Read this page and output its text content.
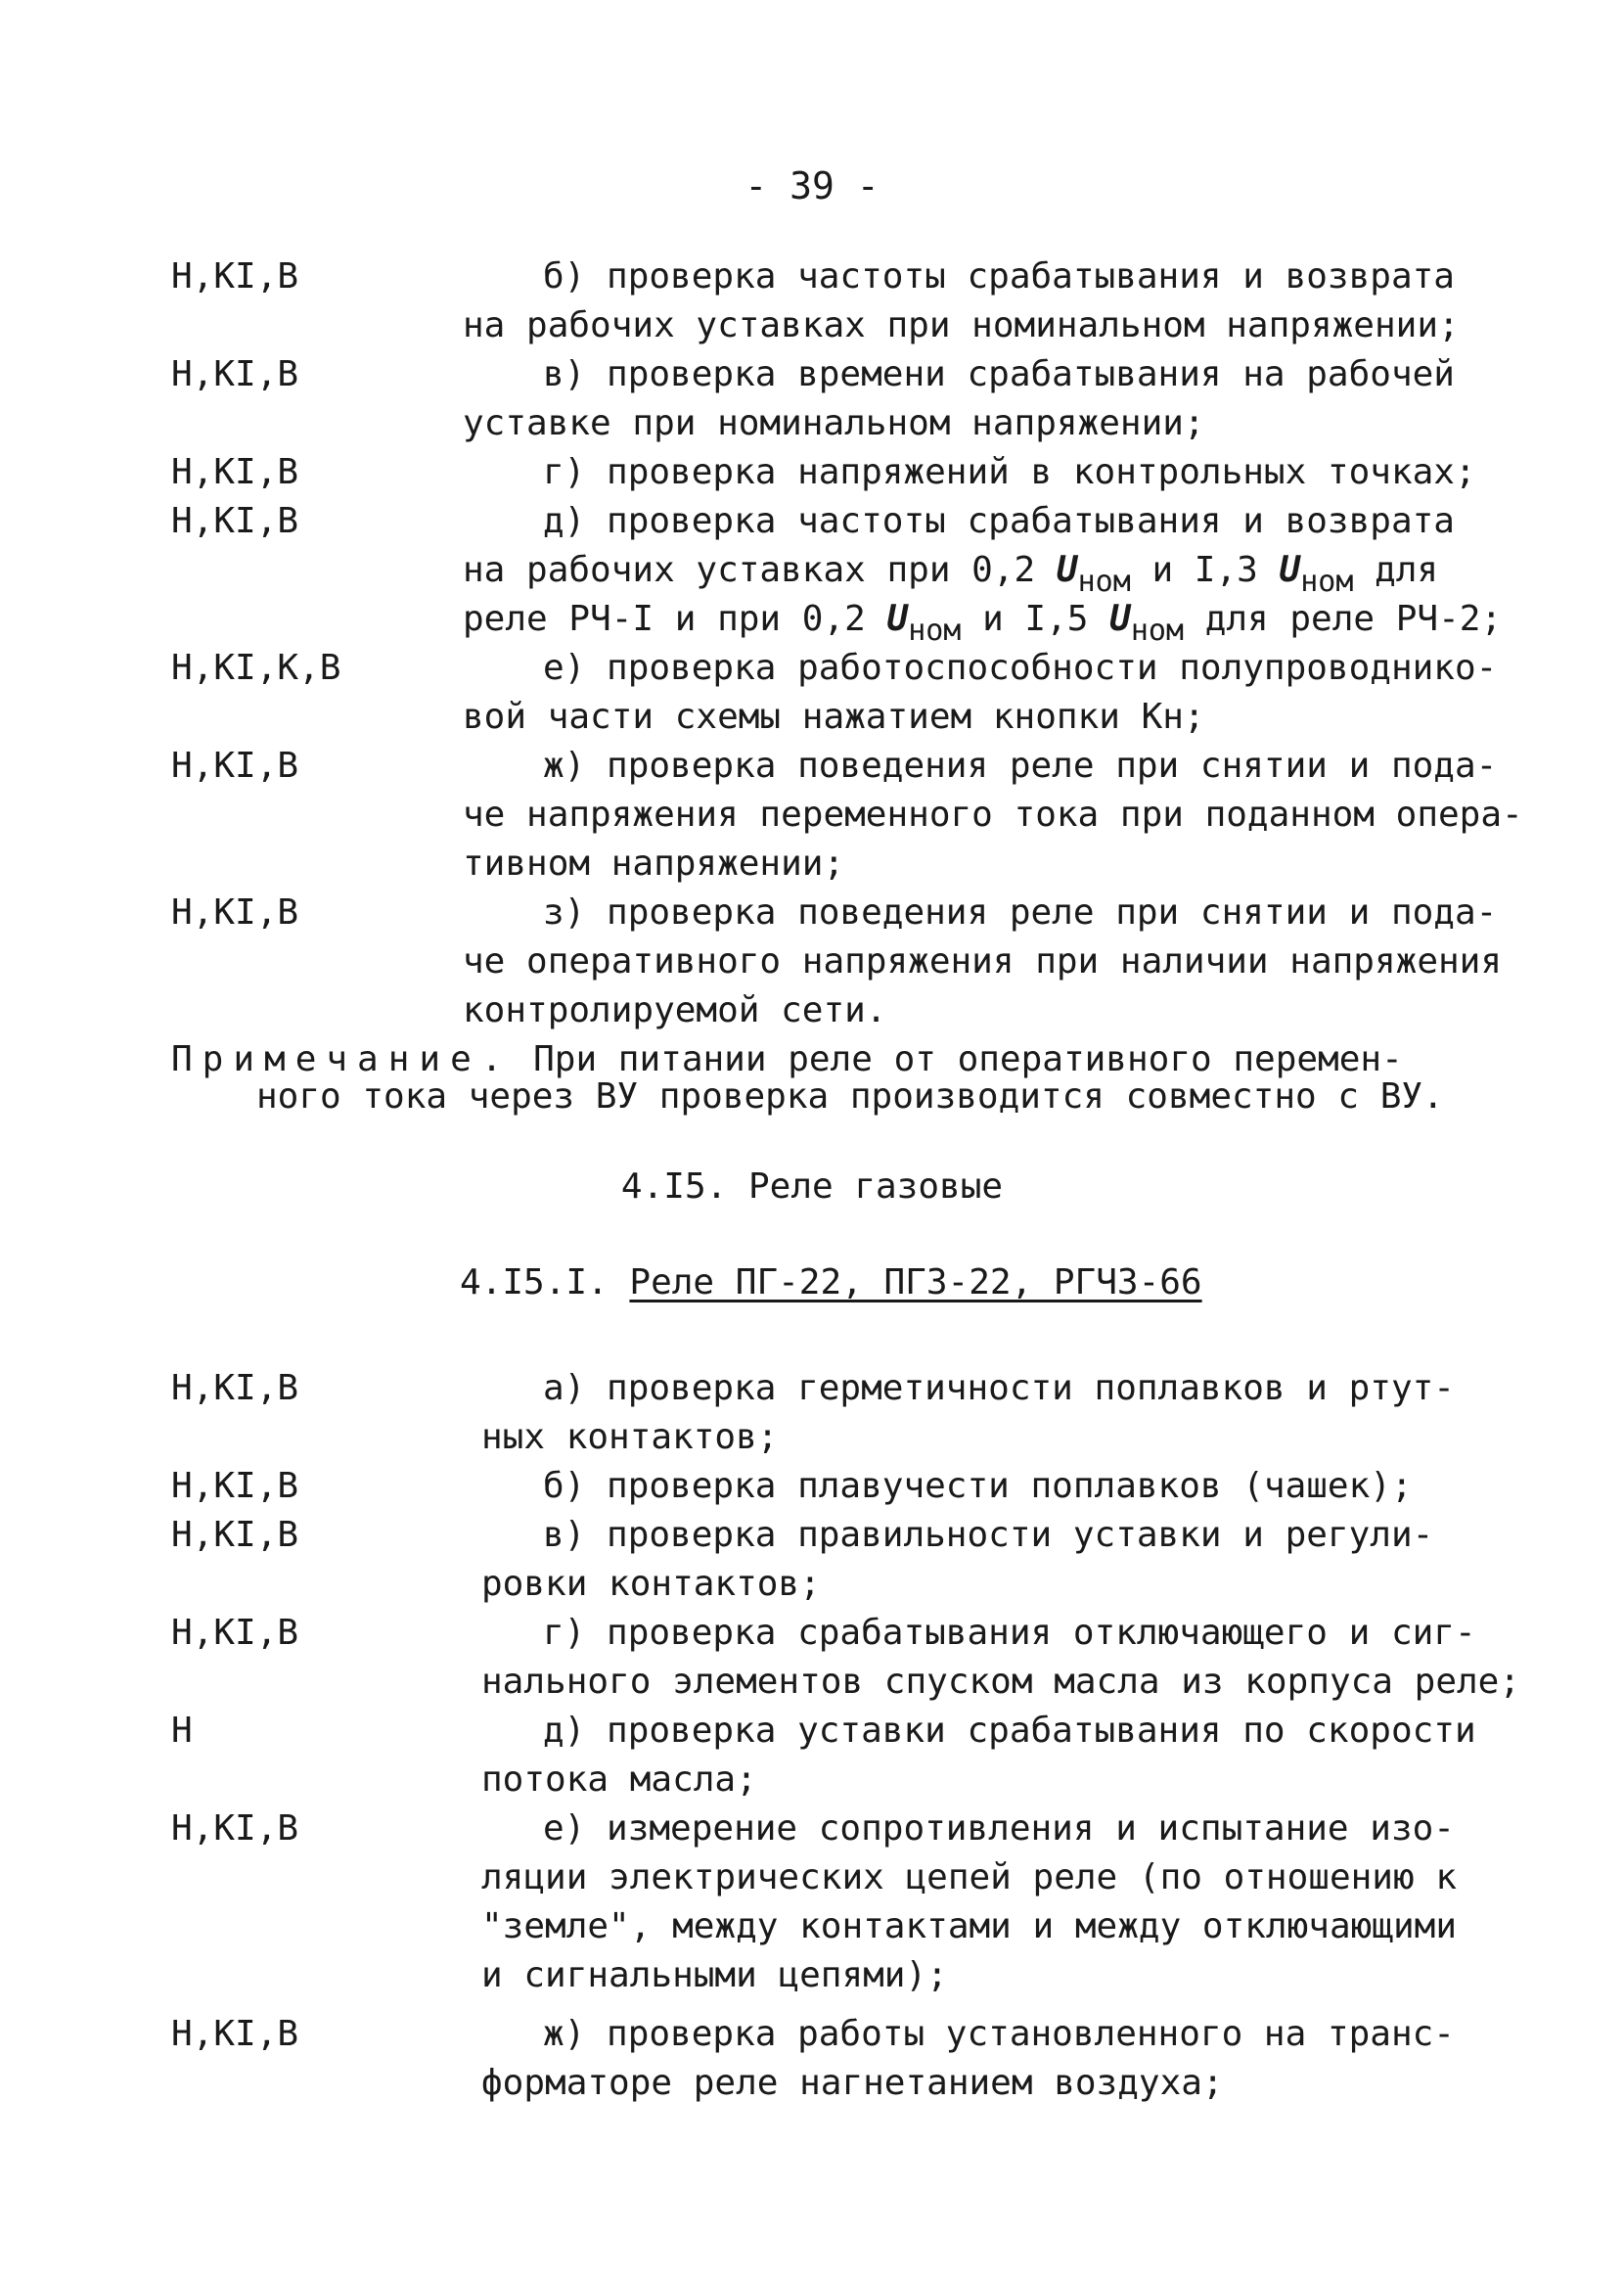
- 39 -
Н,КI,В	б) проверка частоты срабатывания и возврата
на рабочих уставках при номинальном напряжении;
Н,КI,В	в) проверка времени срабатывания на рабочей
уставке при номинальном напряжении;
Н,КI,В	г) проверка напряжений в контрольных точках;
Н,КI,В	д) проверка частоты срабатывания и возврата
на рабочих уставках при 0,2 $U_{ном}$ и I,3 $U_{ном}$ для
реле РЧ-I и при 0,2 $U_{ном}$ и I,5 $U_{ном}$ для реле РЧ-2;
Н,КI,К,В	е) проверка работоспособности полупроводнико-
вой части схемы нажатием кнопки Кн;
Н,КI,В	ж) проверка поведения реле при снятии и пода-
че напряжения переменного тока при поданном опера-
тивном напряжении;
Н,КI,В	з) проверка поведения реле при снятии и пода-
че оперативного напряжения при наличии напряжения
контролируемой сети.
Примечание. При питании реле от оперативного перемен-
ного тока через ВУ проверка производится совместно с ВУ.
4.I5. Реле газовые
4.I5.I. Реле ПГ-22, ПГЗ-22, РГЧЗ-66
Н,КI,В	а) проверка герметичности поплавков и ртут-
ных контактов;
Н,КI,В	б) проверка плавучести поплавков (чашек);
Н,КI,В	в) проверка правильности уставки и регули-
ровки контактов;
Н,КI,В	г) проверка срабатывания отключающего и сиг-
нального элементов спуском масла из корпуса реле;
Н	д) проверка уставки срабатывания по скорости
потока масла;
Н,КI,В	е) измерение сопротивления и испытание изо-
ляции электрических цепей реле (по отношению к
"земле", между контактами и между отключающими
и сигнальными цепями);
Н,КI,В	ж) проверка работы установленного на транс-
форматоре реле нагнетанием воздуха;
